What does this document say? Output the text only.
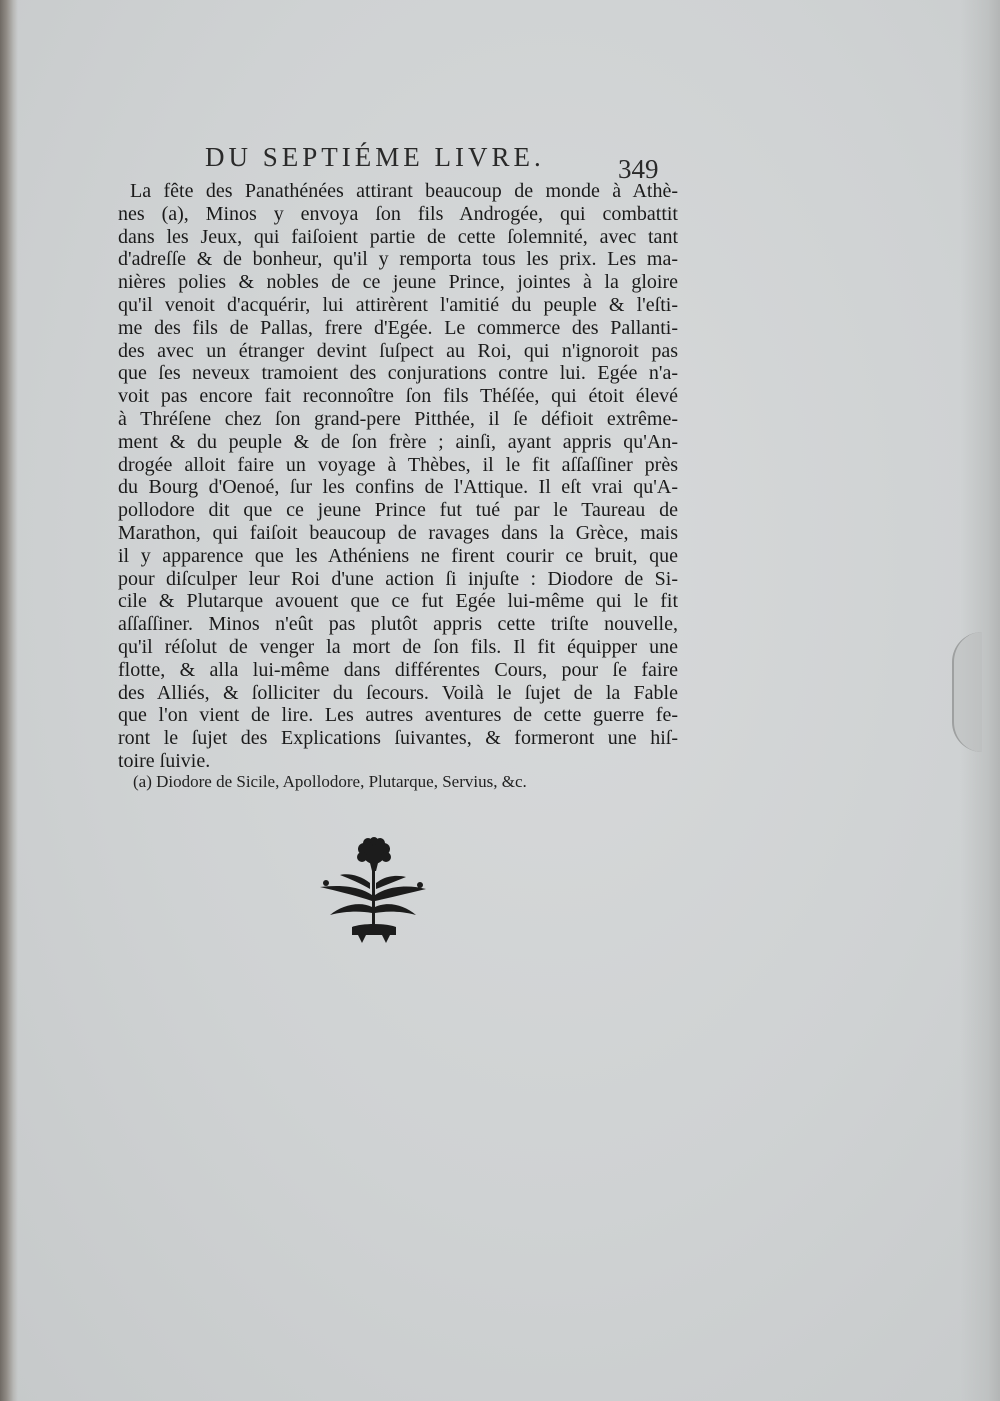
DU SEPTIÉME LIVRE.	349
La fête des Panathénées attirant beaucoup de monde à Athè-
nes (a), Minos y envoya ſon fils Androgée, qui combattit
dans les Jeux, qui faiſoient partie de cette ſolemnité, avec tant
d'adreſſe & de bonheur, qu'il y remporta tous les prix. Les ma-
nières polies & nobles de ce jeune Prince, jointes à la gloire
qu'il venoit d'acquérir, lui attirèrent l'amitié du peuple & l'eſti-
me des fils de Pallas, frere d'Egée. Le commerce des Pallanti-
des avec un étranger devint ſuſpect au Roi, qui n'ignoroit pas
que ſes neveux tramoient des conjurations contre lui. Egée n'a-
voit pas encore fait reconnoître ſon fils Théſée, qui étoit élevé
à Thréſene chez ſon grand-pere Pitthée, il ſe défioit extrême-
ment & du peuple & de ſon frère ; ainſi, ayant appris qu'An-
drogée alloit faire un voyage à Thèbes, il le fit aſſaſſiner près
du Bourg d'Oenoé, ſur les confins de l'Attique. Il eſt vrai qu'A-
pollodore dit que ce jeune Prince fut tué par le Taureau de
Marathon, qui faiſoit beaucoup de ravages dans la Grèce, mais
il y apparence que les Athéniens ne firent courir ce bruit, que
pour diſculper leur Roi d'une action ſi injuſte : Diodore de Si-
cile & Plutarque avouent que ce fut Egée lui-même qui le fit
aſſaſſiner. Minos n'eût pas plutôt appris cette triſte nouvelle,
qu'il réſolut de venger la mort de ſon fils. Il fit équipper une
flotte, & alla lui-même dans différentes Cours, pour ſe faire
des Alliés, & ſolliciter du ſecours. Voilà le ſujet de la Fable
que l'on vient de lire. Les autres aventures de cette guerre fe-
ront le ſujet des Explications ſuivantes, & formeront une hiſ-
toire ſuivie.
(a) Diodore de Sicile, Apollodore, Plutarque, Servius, &c.
